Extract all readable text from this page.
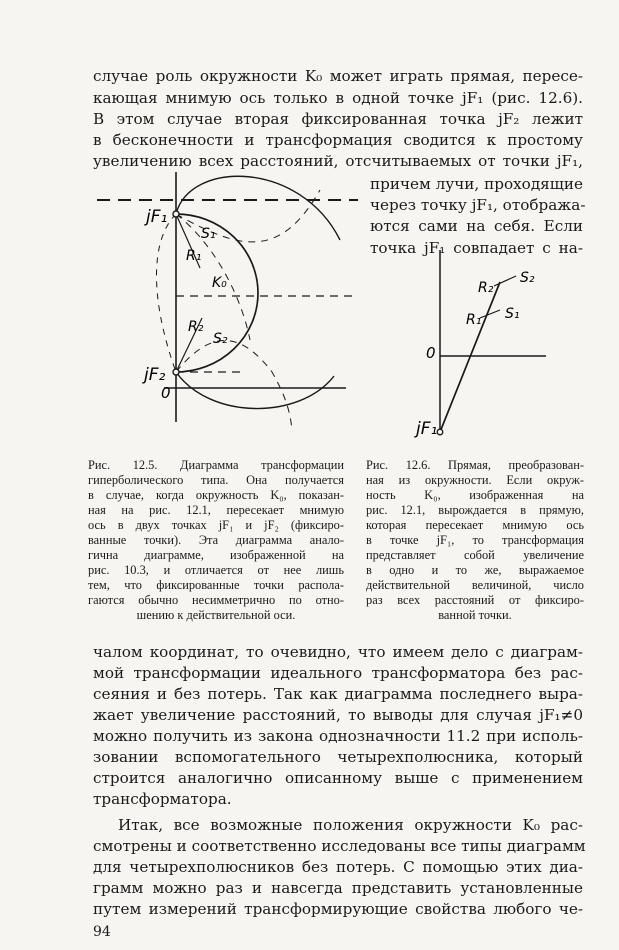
случае роль окружности K₀ может играть прямая, пересе-

кающая мнимую ось только в одной точке jF₁ (рис. 12.6).

В этом случае вторая фиксированная точка jF₂ лежит

в бесконечности и трансформация сводится к простому

увеличению всех расстояний, отсчитываемых от точки jF₁,

причем лучи, проходящие

через точку jF₁, отобража-

ются сами на себя. Если

точка jF₁ совпадает с на-

jF₁
jF₂
0
S₁
R₁
K₀
R₂
S₂
R₂
S₂
R₁ S₁
0
jF₁

Рис. 12.5. Диаграмма трансформации

гиперболического типа. Она получается

в случае, когда окружность K₀, показан-

ная на рис. 12.1, пересекает мнимую

ось в двух точках jF₁ и jF₂ (фиксиро-

ванные точки). Эта диаграмма анало-

гична диаграмме, изображенной на

рис. 10.3, и отличается от нее лишь

тем, что фиксированные точки распола-

гаются обычно несимметрично по отно-

шению к действительной оси.

Рис. 12.6. Прямая, преобразован-

ная из окружности. Если окруж-

ность K₀, изображенная на

рис. 12.1, вырождается в прямую,

которая пересекает мнимую ось

в точке jF₁, то трансформация

представляет собой увеличение

в одно и то же, выражаемое

действительной величиной, число

раз всех расстояний от фиксиро-

ванной точки.

чалом координат, то очевидно, что имеем дело с диаграм-

мой трансформации идеального трансформатора без рас-

сеяния и без потерь. Так как диаграмма последнего выра-

жает увеличение расстояний, то выводы для случая jF₁≠0

можно получить из закона однозначности 11.2 при исполь-

зовании вспомогательного четырехполюсника, который

строится аналогично описанному выше с применением

трансформатора.

Итак, все возможные положения окружности K₀ рас-

смотрены и соответственно исследованы все типы диаграмм

для четырехполюсников без потерь. С помощью этих диа-

грамм можно раз и навсегда представить установленные

путем измерений трансформирующие свойства любого че-

94
